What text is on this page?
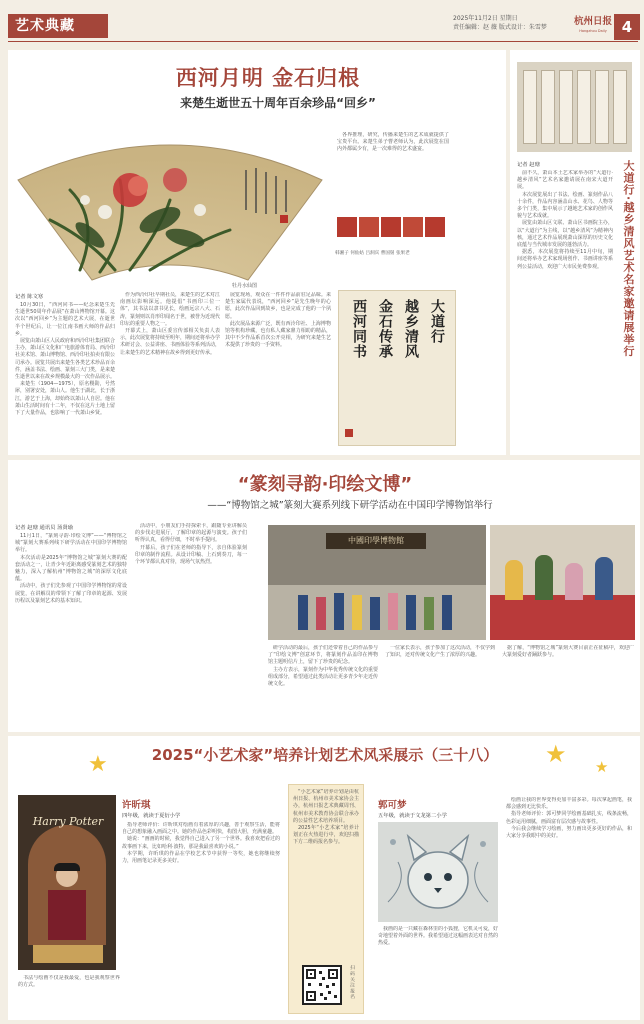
艺术典藏	2025年11月2日 星期日
责任编辑：赵 薇 版式设计：朱雪梦
杭州日报
Hangzhou Daily 4
西河月明 金石归根
来楚生逝世五十周年百余珍品“回乡”
牡丹水仙图
韩湘子 何仙姑 吕洞宾 曹国舅 张果老
大道行
越乡清风
金石传承
西河同书
记者 陈文寒

10月30日，“西河同书——纪念来楚生先生逝世50周年作品展”在萧山博物馆开幕。这次以“西河回乡”为主题的艺术大展，在逝世半个世纪后，让一位江南书画大师的作品归乡。

展览由萧山区人民政府和西泠印社集团联合主办，萧山区文化和广电旅游体育局、西泠印社美术馆、萧山博物馆、西泠印社拍卖有限公司承办。展览共展出来楚生各类艺术珍品百余件，涵盖书法、绘画、篆刻三大门类，是来楚生逝世以来在故乡规模最大的一次作品展示。

来楚生（1904—1975），原名稷勋，号然犀，别署安处，萧山人。他生于湖北，长于浙江，游艺于上海，却始终以萧山人自居。他在萧山生活时间有十二年，不仅在这片土地上留下了大量作品，也影响了一代萧山乡贤。

作为西泠印社早期社员，来楚生的艺术对江南画坛影响深远。他提倡“书画印三位一体”，其书法以隶书见长，绘画远宗八大、石涛，篆刻则以肖形印闻名于世，被誉为近现代印坛的重要人物之一。

开幕式上，萧山区委宣传部相关负责人表示，此次展览将持续至明年，期间还将举办学术研讨会、公益讲座、书画体验等系列活动，让来楚生的艺术精神在故乡得到更好传承。

展览现场，观众在一件件作品前驻足品味。来楚生家属代表说，“西河回乡”是先生晚年的心愿，此次作品回到故乡，也是完成了他的一个夙愿。

此次展品来源广泛，既有西泠印社、上海博物馆等机构珍藏，也有私人藏家鼎力相助的精品，其中不少作品系首次公开亮相，为研究来楚生艺术提供了珍贵的一手资料。

各界推理，研究，传播来楚生的艺术成就提供了宝贵平台。来楚生弟子曹老师认为，此次展览在国内外都属少有，是一次难得的艺术盛宴。

记者 赵瑭

前不久，萧山本土艺术家举办的“大道行·越乡清风”艺术名家邀请展在南宋大道开展。

本次展览展出了书法、绘画、篆刻作品八十余件，作品内容涵盖山水、花鸟、人物等多个门类，集中展示了越地艺术家的创作风貌与艺术成就。

展览由萧山区文联、萧山区书画院主办，以“大道行”为主线，以“越乡清风”为精神内核，通过艺术作品展现萧山深厚的历史文化底蕴与当代城市发展的蓬勃活力。

据悉，本次展览将持续至11月中旬，期间还将举办艺术家现场创作、书画讲座等系列公益活动，欢迎广大市民免费参观。	大道行·越乡清风艺术名家邀请展举行
“篆刻寻韵·印绘文博”
——“博物馆之城”篆刻大赛系列线下研学活动在中国印学博物馆举行
记者 赵瑭 通讯员 汤贤瑜

11月1日，“篆刻寻韵·印绘文博”——“博物馆之城”篆刻大赛系列线下研学活动在中国印学博物馆举行。

本次活动是2025年“博物馆之城”篆刻大赛的配套活动之一，让青少年近距离感受篆刻艺术的独特魅力，深入了解杭州“博物馆之城”的深厚文化底蕴。

活动中，孩子们先参观了中国印学博物馆的常设展览，在讲解员的带领下了解了印章的起源、发展历程以及篆刻艺术的基本知识。

活动中，小朋友们手持探索卡，跟随专业讲解员的步伐走进展厅，了解印章的起源与演变。孩子们听得认真，看得仔细，不时举手提问。

开幕后，孩子们在老师的指导下，亲自体验篆刻印章的制作流程。从设计印稿、上石到奏刀，每一个环节都认真对待，现场气氛热烈。

中國印學博物館

研学活动的最后，孩子们还带着自己的作品参与了“印绘文博”创意环节，将篆刻作品盖印在博物馆主题明信片上，留下了珍贵的纪念。

主办方表示，篆刻作为中华优秀传统文化的重要组成部分，希望通过此类活动让更多青少年走近传统文化。

一位家长表示，孩子参加了这次活动，不仅学到了知识，还对传统文化产生了浓厚的兴趣。

据了解，“博物馆之城”篆刻大赛目前正在征稿中，欢迎广大篆刻爱好者踊跃参与。

★	★ ★
2025“小艺术家”培养计划艺术风采展示（三十八）
Harry Potter
许昕琪
四年级，就读于夏衍小学

书法与绘画不仅是我最爱，也是我观察世界的方式。

指导老师评价：许昕琪对绘画有着浓厚的兴趣，善于观察生活，能将自己的想象融入画面之中。她的作品色彩明快，构图大胆，充满童趣。

她说：“画画的时候，我觉得自己进入了另一个世界。我喜欢把看过的故事画下来，比如哈利·波特，那是我最喜欢的小说。”

本学期，许昕琪的作品在学校艺术节中获得一等奖，她也将继续努力，用画笔记录更多美好。

“小艺术家”培养计划是由杭州日报、杭州市美术家协会主办，杭州日报艺术典藏周刊、杭州市美术教育协会联合承办的公益性艺术培养项目。

2025年“小艺术家”培养计划正在火热进行中，欢迎扫描下方二维码报名参与。

扫码关注报名
郭可梦
五年级，就读于文龙第二小学

我画的是一只藏在森林里的小狐狸，它机灵可爱，好奇地望着外面的世界。我希望通过这幅画表达对自然的热爱。

绘画让我的世界变得更加丰富多彩。每次拿起画笔，我都会感到无比快乐。

指导老师评价：郭可梦同学绘画基础扎实，线条流畅，色彩运用细腻，画面富有层次感与故事性。

今后我会继续学习绘画，努力画出更多更好的作品，和大家分享我眼中的美好。
